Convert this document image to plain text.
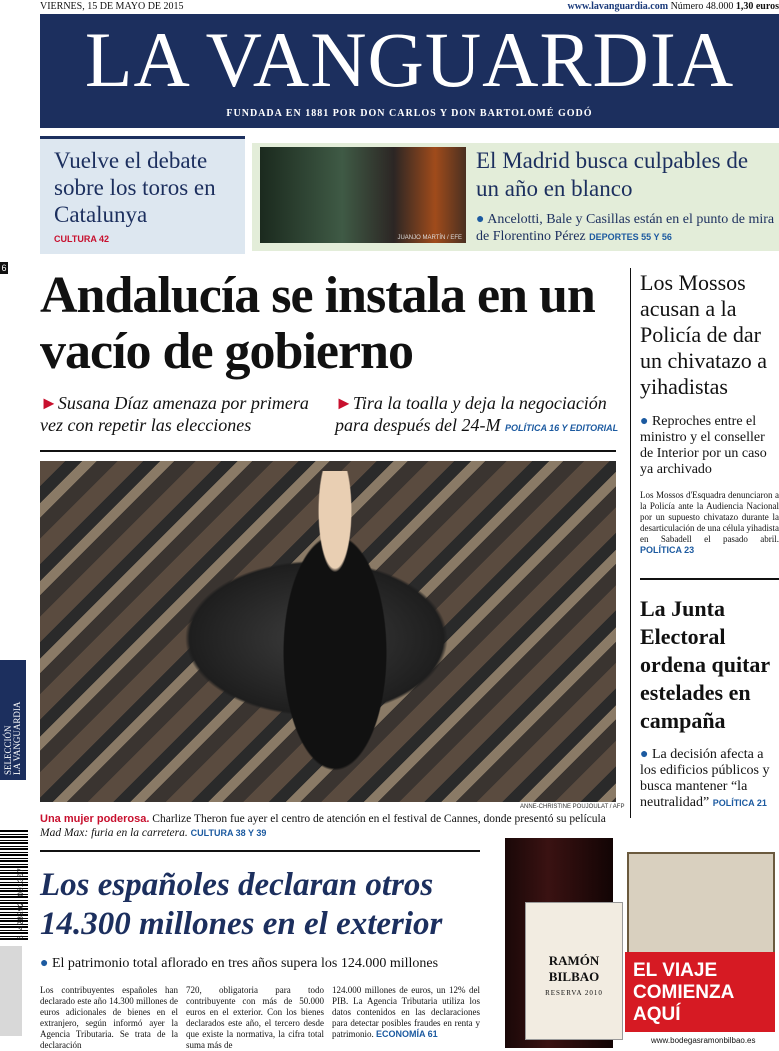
VIERNES, 15 DE MAYO DE 2015	www.lavanguardia.com Número 48.000 1,30 euros
LA VANGUARDIA
FUNDADA EN 1881 POR DON CARLOS Y DON BARTOLOMÉ GODÓ
Vuelve el debate sobre los toros en Catalunya
CULTURA 42	JUANJO MARTÍN / EFE
El Madrid busca culpables de un año en blanco
● Ancelotti, Bale y Casillas están en el punto de mira de Florentino Pérez DEPORTES 55 Y 56
Andalucía se instala en un vacío de gobierno
►Susana Díaz amenaza por primera vez con repetir las elecciones
►Tira la toalla y deja la negociación para después del 24-M POLÍTICA 16 Y EDITORIAL
ANNE-CHRISTINE POUJOULAT / AFP
Una mujer poderosa. Charlize Theron fue ayer el centro de atención en el festival de Cannes, donde presentó su película Mad Max: furia en la carretera. CULTURA 38 Y 39
Los españoles declaran otros 14.300 millones en el exterior
● El patrimonio total aflorado en tres años supera los 124.000 millones
Los contribuyentes españoles han declarado este año 14.300 millones de euros adicionales de bienes en el extranjero, según informó ayer la Agencia Tributaria. Se trata de la declaración
720, obligatoria para todo contribuyente con más de 50.000 euros en el exterior. Con los bienes declarados este año, el tercero desde que existe la normativa, la cifra total suma más de
124.000 millones de euros, un 12% del PIB. La Agencia Tributaria utiliza los datos contenidos en las declaraciones para detectar posibles fraudes en renta y patrimonio. ECONOMÍA 61
Los Mossos acusan a la Policía de dar un chivatazo a yihadistas
● Reproches entre el ministro y el conseller de Interior por un caso ya archivado
Los Mossos d'Esquadra denunciaron a la Policía ante la Audiencia Nacional por un supuesto chivatazo durante la desarticulación de una célula yihadista en Sabadell el pasado abril. POLÍTICA 23
La Junta Electoral ordena quitar estelades en campaña
● La decisión afecta a los edificios públicos y busca mantener “la neutralidad” POLÍTICA 21
RAMÓN BILBAO
RESERVA 2010
EL VIAJE COMIENZA AQUÍ
www.bodegasramonbilbao.es
6
SELECCIÓN
LA VANGUARDIA
8 428292 001307
